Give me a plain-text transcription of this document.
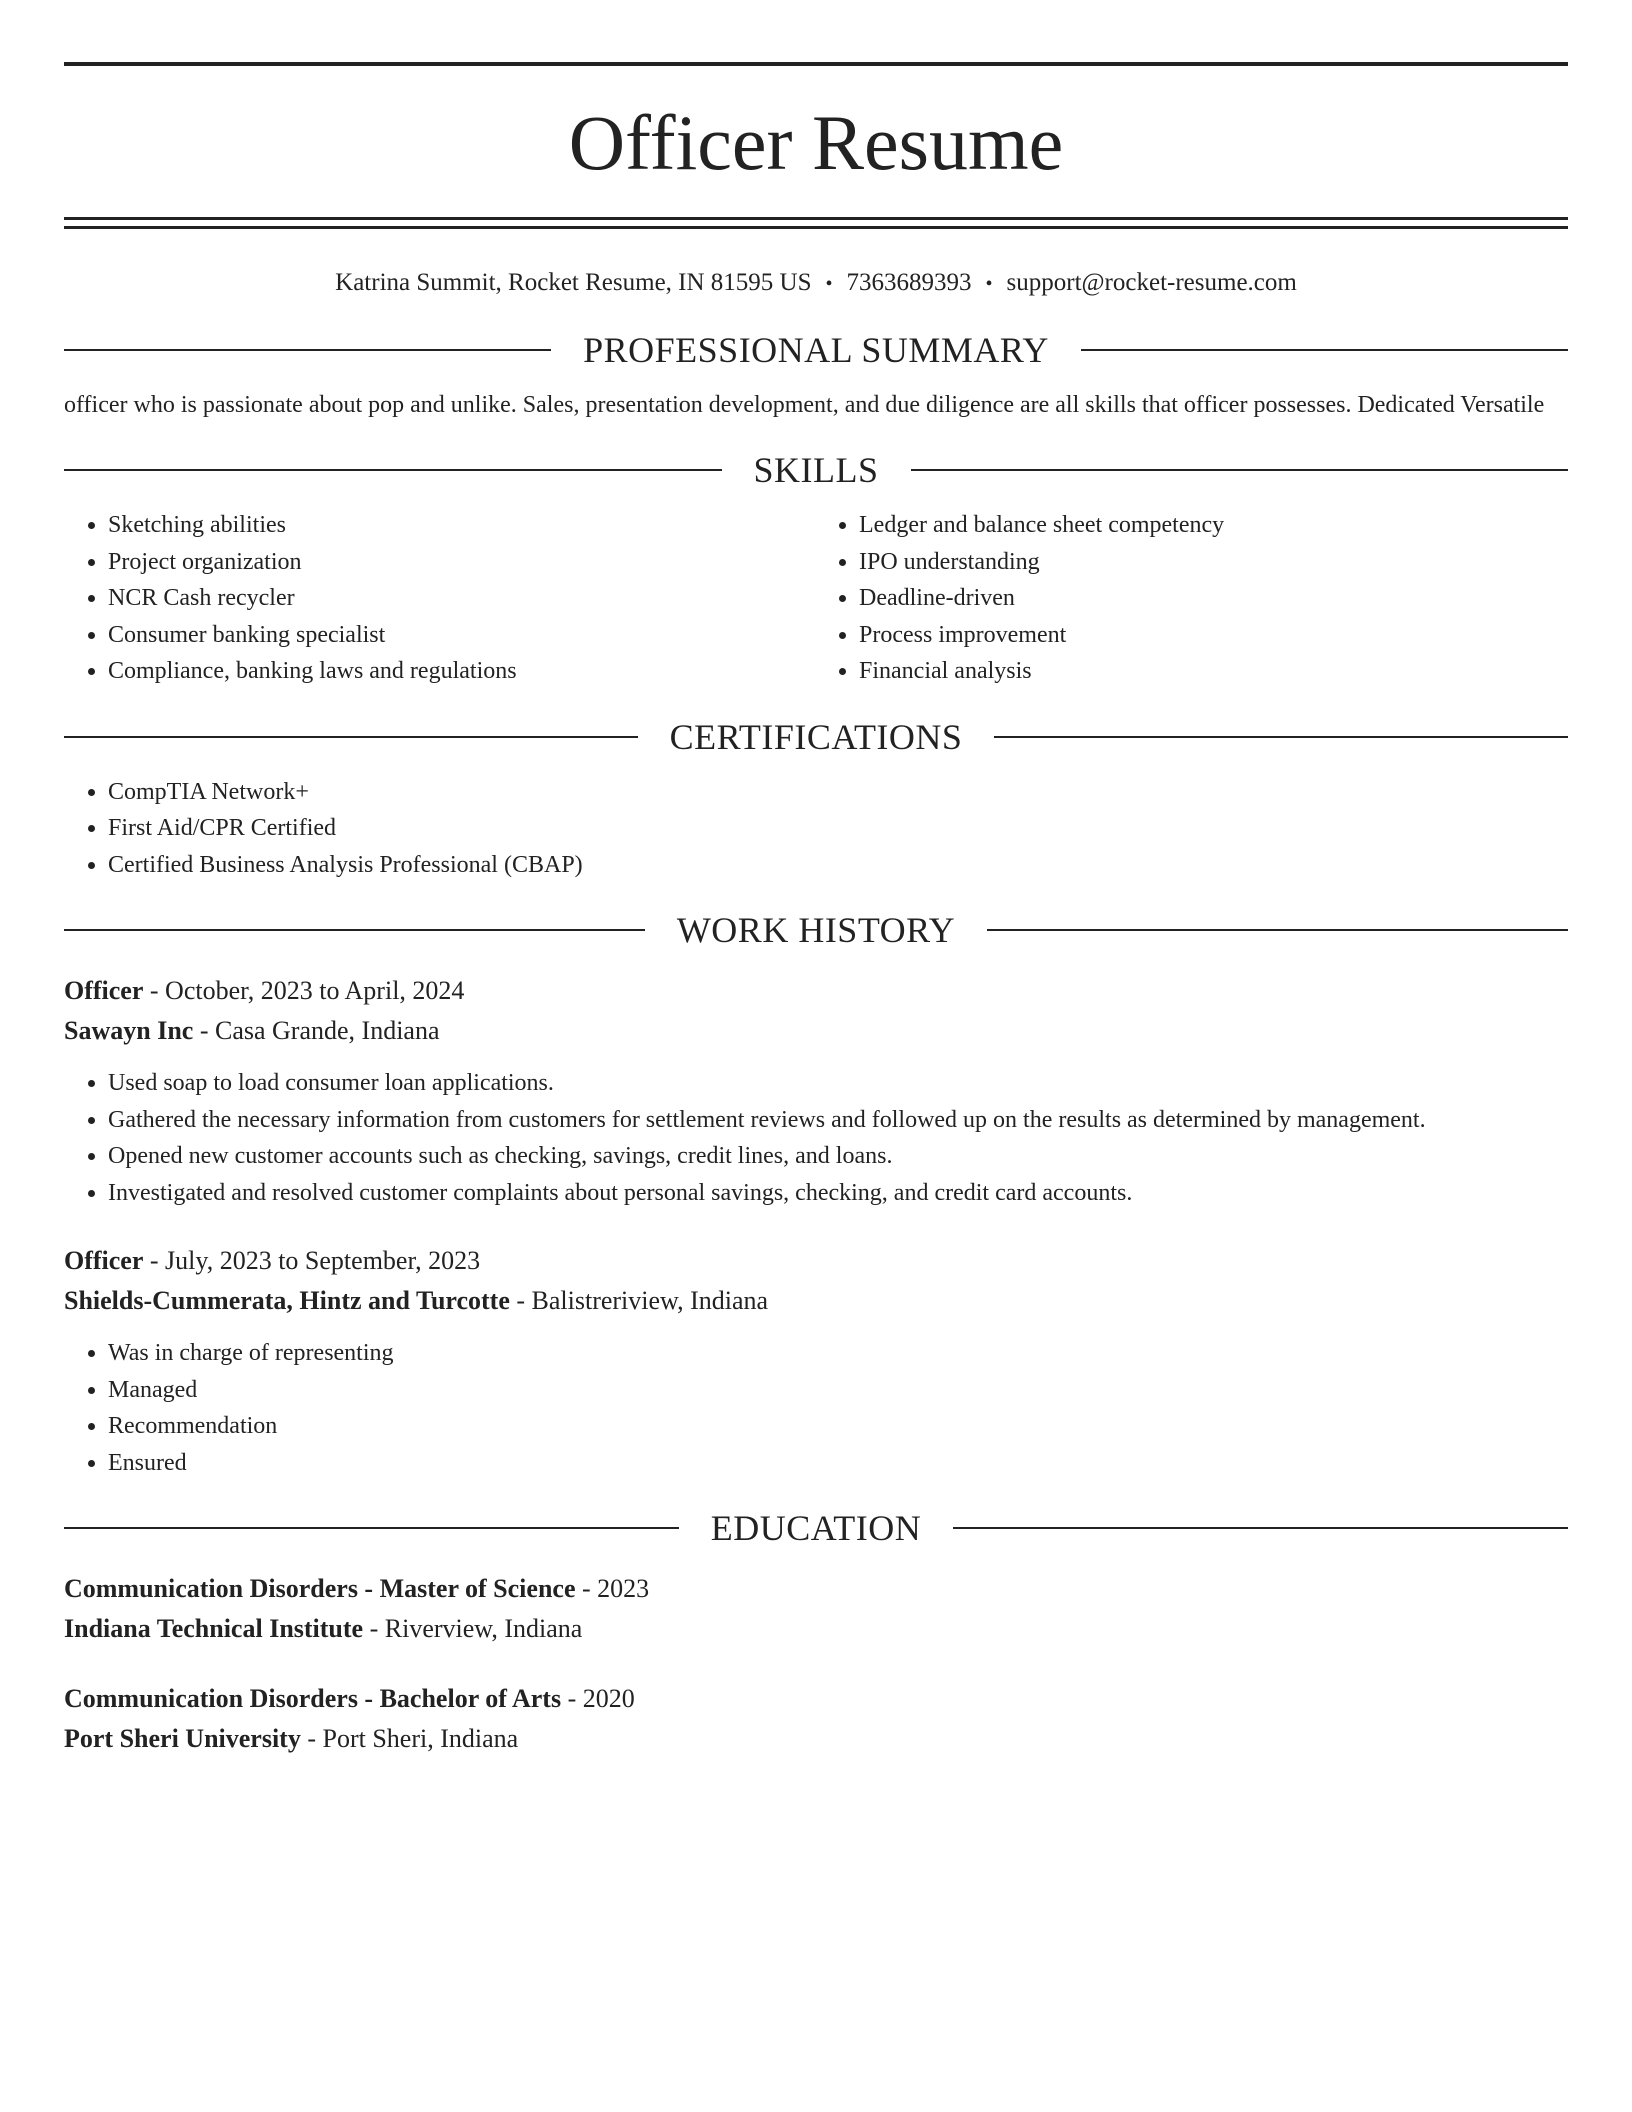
Officer Resume
Katrina Summit, Rocket Resume, IN 81595 US • 7363689393 • support@rocket-resume.com
PROFESSIONAL SUMMARY
officer who is passionate about pop and unlike. Sales, presentation development, and due diligence are all skills that officer possesses. Dedicated Versatile
SKILLS
• Sketching abilities
• Project organization
• NCR Cash recycler
• Consumer banking specialist
• Compliance, banking laws and regulations
• Ledger and balance sheet competency
• IPO understanding
• Deadline-driven
• Process improvement
• Financial analysis
CERTIFICATIONS
• CompTIA Network+
• First Aid/CPR Certified
• Certified Business Analysis Professional (CBAP)
WORK HISTORY
Officer - October, 2023 to April, 2024
Sawayn Inc - Casa Grande, Indiana
• Used soap to load consumer loan applications.
• Gathered the necessary information from customers for settlement reviews and followed up on the results as determined by management.
• Opened new customer accounts such as checking, savings, credit lines, and loans.
• Investigated and resolved customer complaints about personal savings, checking, and credit card accounts.
Officer - July, 2023 to September, 2023
Shields-Cummerata, Hintz and Turcotte - Balistreriview, Indiana
• Was in charge of representing
• Managed
• Recommendation
• Ensured
EDUCATION
Communication Disorders - Master of Science - 2023
Indiana Technical Institute - Riverview, Indiana
Communication Disorders - Bachelor of Arts - 2020
Port Sheri University - Port Sheri, Indiana
